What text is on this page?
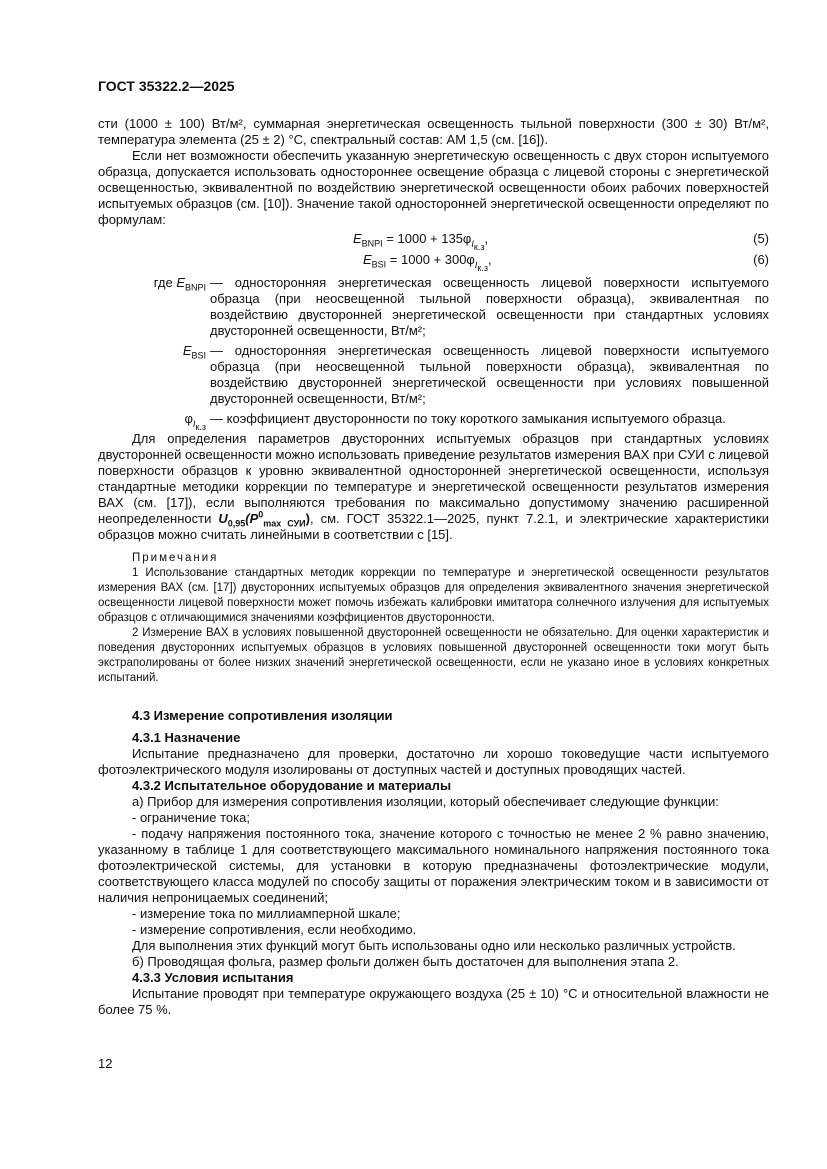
ГОСТ 35322.2—2025

сти (1000 ± 100) Вт/м², суммарная энергетическая освещенность тыльной поверхности (300 ± 30) Вт/м², температура элемента (25 ± 2) °С, спектральный состав: АМ 1,5 (см. [16]).

Если нет возможности обеспечить указанную энергетическую освещенность с двух сторон испытуемого образца, допускается использовать одностороннее освещение образца с лицевой стороны с энергетической освещенностью, эквивалентной по воздействию энергетической освещенности обоих рабочих поверхностей испытуемых образцов (см. [10]). Значение такой односторонней энергетической освещенности определяют по формулам:

$E_{BNPI} = 1000 + 135\varphi_{I_{к.з}}$,	(5)
$E_{BSI} = 1000 + 300\varphi_{I_{к.з}}$,	(6)
где $E_{BNPI}$ — односторонняя энергетическая освещенность лицевой поверхности испытуемого образца (при неосвещенной тыльной поверхности образца), эквивалентная по воздействию двусторонней энергетической освещенности при стандартных условиях двусторонней освещенности, Вт/м²;
$E_{BSI}$ — односторонняя энергетическая освещенность лицевой поверхности испытуемого образца (при неосвещенной тыльной поверхности образца), эквивалентная по воздействию двусторонней энергетической освещенности при условиях повышенной двусторонней освещенности, Вт/м²;
$\varphi_{I_{к.з}}$
— коэффициент двусторонности по току короткого замыкания испытуемого образца.

Для определения параметров двусторонних испытуемых образцов при стандартных условиях двусторонней освещенности можно использовать приведение результатов измерения ВАХ при СУИ с лицевой поверхности образцов к уровню эквивалентной односторонней энергетической освещенности, используя стандартные методики коррекции по температуре и энергетической освещенности результатов измерения ВАХ (см. [17]), если выполняются требования по максимально допустимому значению расширенной неопределенности $U_{0,95}(P^0_{max СУИ})$, см. ГОСТ 35322.1—2025, пункт 7.2.1, и электрические характеристики образцов можно считать линейными в соответствии с [15].

Примечания

1 Использование стандартных методик коррекции по температуре и энергетической освещенности результатов измерения ВАХ (см. [17]) двусторонних испытуемых образцов для определения эквивалентного значения энергетической освещенности лицевой поверхности может помочь избежать калибровки имитатора солнечного излучения для испытуемых образцов с отличающимися значениями коэффициентов двусторонности.

2 Измерение ВАХ в условиях повышенной двусторонней освещенности не обязательно. Для оценки характеристик и поведения двусторонних испытуемых образцов в условиях повышенной двусторонней освещенности токи могут быть экстраполированы от более низких значений энергетической освещенности, если не указано иное в условиях конкретных испытаний.

4.3 Измерение сопротивления изоляции

4.3.1 Назначение

Испытание предназначено для проверки, достаточно ли хорошо токоведущие части испытуемого фотоэлектрического модуля изолированы от доступных частей и доступных проводящих частей.

4.3.2 Испытательное оборудование и материалы

а) Прибор для измерения сопротивления изоляции, который обеспечивает следующие функции:

- ограничение тока;

- подачу напряжения постоянного тока, значение которого с точностью не менее 2 % равно значению, указанному в таблице 1 для соответствующего максимального номинального напряжения постоянного тока фотоэлектрической системы, для установки в которую предназначены фотоэлектрические модули, соответствующего класса модулей по способу защиты от поражения электрическим током и в зависимости от наличия непроницаемых соединений;

- измерение тока по миллиамперной шкале;

- измерение сопротивления, если необходимо.

Для выполнения этих функций могут быть использованы одно или несколько различных устройств.

б) Проводящая фольга, размер фольги должен быть достаточен для выполнения этапа 2.

4.3.3 Условия испытания

Испытание проводят при температуре окружающего воздуха (25 ± 10) °С и относительной влажности не более 75 %.

12
